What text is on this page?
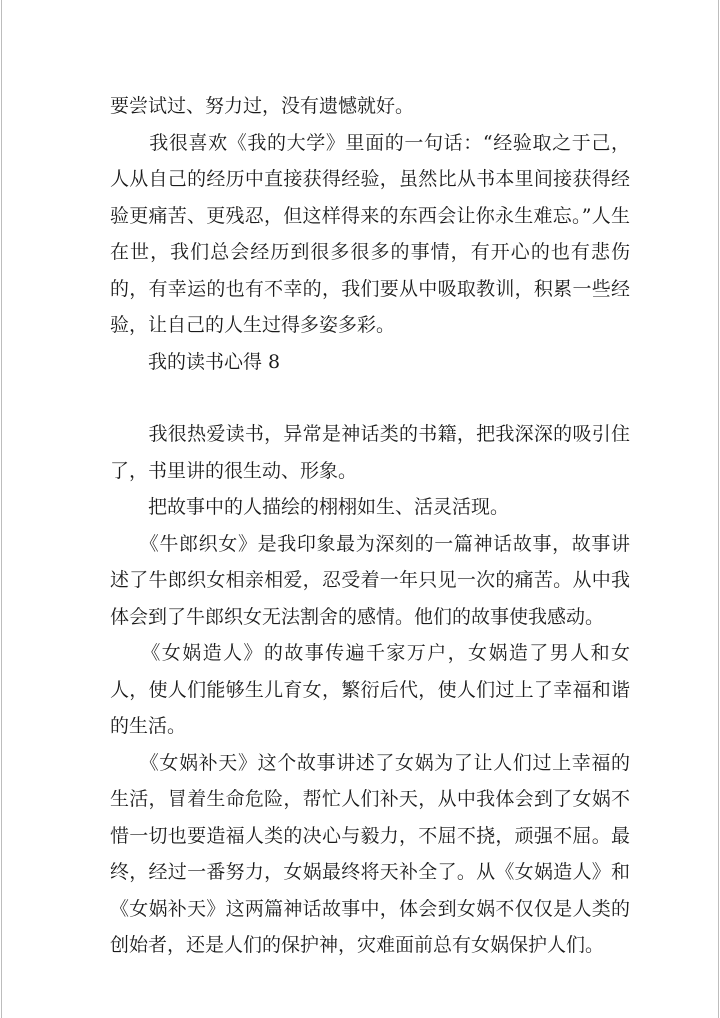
要尝试过、努力过，没有遗憾就好。

　　我很喜欢《我的大学》里面的一句话：“经验取之于己，人从自己的经历中直接获得经验，虽然比从书本里间接获得经验更痛苦、更残忍，但这样得来的东西会让你永生难忘。”人生在世，我们总会经历到很多很多的事情，有开心的也有悲伤的，有幸运的也有不幸的，我们要从中吸取教训，积累一些经验，让自己的人生过得多姿多彩。

　　我的读书心得 8

　　我很热爱读书，异常是神话类的书籍，把我深深的吸引住了，书里讲的很生动、形象。

　　把故事中的人描绘的栩栩如生、活灵活现。

　　《牛郎织女》是我印象最为深刻的一篇神话故事，故事讲述了牛郎织女相亲相爱，忍受着一年只见一次的痛苦。从中我体会到了牛郎织女无法割舍的感情。他们的故事使我感动。

　　《女娲造人》的故事传遍千家万户，女娲造了男人和女人，使人们能够生儿育女，繁衍后代，使人们过上了幸福和谐的生活。

　　《女娲补天》这个故事讲述了女娲为了让人们过上幸福的生活，冒着生命危险，帮忙人们补天，从中我体会到了女娲不惜一切也要造福人类的决心与毅力，不屈不挠，顽强不屈。最终，经过一番努力，女娲最终将天补全了。从《女娲造人》和《女娲补天》这两篇神话故事中，体会到女娲不仅仅是人类的创始者，还是人们的保护神，灾难面前总有女娲保护人们。
